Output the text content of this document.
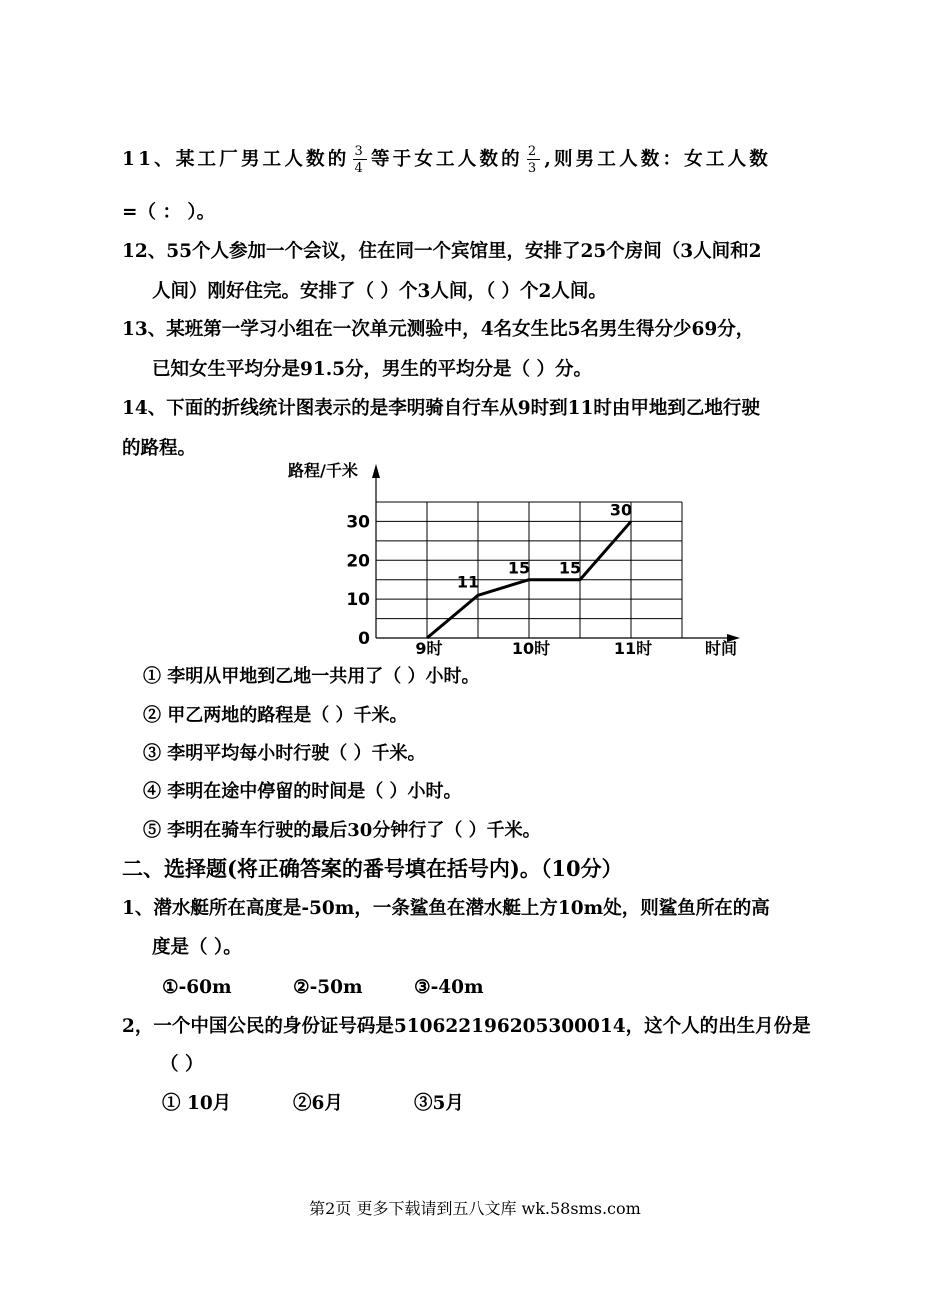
11、某工厂男工人数的 $\frac{3}{4}$ 等于女工人数的 $\frac{2}{3}$ ,则男工人数：女工人数
=（ ： ）。
12、55个人参加一个会议，住在同一个宾馆里，安排了25个房间（3人间和2
人间）刚好住完。安排了（ ）个3人间，（ ）个2人间。
13、某班第一学习小组在一次单元测验中，4名女生比5名男生得分少69分，
已知女生平均分是91.5分，男生的平均分是（ ）分。
14、下面的折线统计图表示的是李明骑自行车从9时到11时由甲地到乙地行驶
的路程。
0
10
20
30
9时	10时	11时
路程/千米
时间
11
15 15
30
① 李明从甲地到乙地一共用了（ ）小时。
② 甲乙两地的路程是（ ）千米。
③ 李明平均每小时行驶（ ）千米。
④ 李明在途中停留的时间是（ ）小时。
⑤ 李明在骑车行驶的最后30分钟行了（ ）千米。
二、选择题(将正确答案的番号填在括号内)。（10分）
1、潜水艇所在高度是-50m，一条鲨鱼在潜水艇上方10m处，则鲨鱼所在的高
度是（ ）。
①-60m	②-50m	③-40m
2，一个中国公民的身份证号码是510622196205300014，这个人的出生月份是
（ ）
① 10月	②6月	③5月
第2页 更多下载请到五八文库 wk.58sms.com
